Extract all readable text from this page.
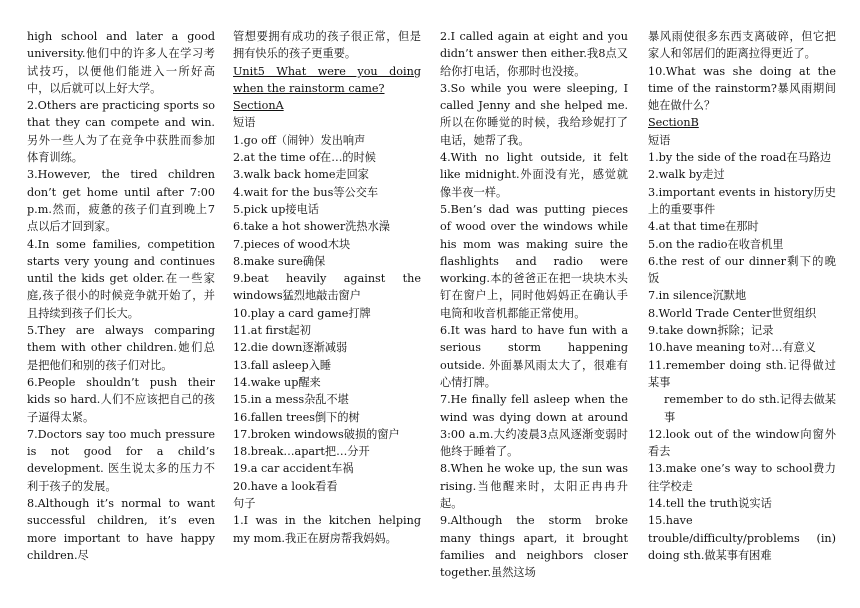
high school and later a good university.他们中的许多人在学习考试技巧，以便他们能进入一所好高中，以后就可以上好大学。

2.Others are practicing sports so that they can compete and win.另外一些人为了在竞争中获胜而参加体育训练。

3.However, the tired children don’t get home until after 7:00 p.m.然而，疲惫的孩子们直到晚上7点以后才回到家。

4.In some families, competition starts very young and continues until the kids get older.在一些家庭,孩子很小的时候竞争就开始了，并且持续到孩子们长大。

5.They are always comparing them with other children.她们总是把他们和别的孩子们对比。

6.People shouldn’t push their kids so hard.人们不应该把自己的孩子逼得太紧。

7.Doctors say too much pressure is not good for a child’s development. 医生说太多的压力不利于孩子的发展。

8.Although it’s normal to want successful children, it’s even more important to have happy children.尽

管想要拥有成功的孩子很正常，但是拥有快乐的孩子更重要。

Unit5 What were you doing when the rainstorm came?

SectionA

短语

1.go off（闹钟）发出响声

2.at the time of在…的时候

3.walk back home走回家

4.wait for the bus等公交车

5.pick up接电话

6.take a hot shower洗热水澡

7.pieces of wood木块

8.make sure确保

9.beat heavily against the windows猛烈地敲击窗户

10.play a card game打牌

11.at first起初

12.die down逐渐减弱

13.fall asleep入睡

14.wake up醒来

15.in a mess杂乱不堪

16.fallen trees倒下的树

17.broken windows破损的窗户

18.break…apart把…分开

19.a car accident车祸

20.have a look看看

句子

1.I was in the kitchen helping my mom.我正在厨房帮我妈妈。

2.I called again at eight and you didn’t answer then either.我8点又给你打电话，你那时也没接。

3.So while you were sleeping, I called Jenny and she helped me.所以在你睡觉的时候，我给珍妮打了电话，她帮了我。

4.With no light outside, it felt like midnight.外面没有光，感觉就像半夜一样。

5.Ben’s dad was putting pieces of wood over the windows while his mom was making suire the flashlights and radio were working.本的爸爸正在把一块块木头钉在窗户上，同时他妈妈正在确认手电筒和收音机都能正常使用。

6.It was hard to have fun with a serious storm happening outside. 外面暴风雨太大了，很难有心情打牌。

7.He finally fell asleep when the wind was dying down at around 3:00 a.m.大约凌晨3点风逐渐变弱时他终于睡着了。

8.When he woke up, the sun was rising.当他醒来时，太阳正冉冉升起。

9.Although the storm broke many things apart, it brought families and neighbors closer together.虽然这场

暴风雨使很多东西支离破碎，但它把家人和邻居们的距离拉得更近了。

10.What was she doing at the time of the rainstorm?暴风雨期间她在做什么？

SectionB

短语

1.by the side of the road在马路边

2.walk by走过

3.important events in history历史上的重要事件

4.at that time在那时

5.on the radio在收音机里

6.the rest of our dinner剩下的晚饭

7.in silence沉默地

8.World Trade Center世贸组织

9.take down拆除；记录

10.have meaning to对…有意义

11.remember doing sth.记得做过某事

remember to do sth.记得去做某事

12.look out of the window向窗外看去

13.make one’s way to school费力往学校走

14.tell the truth说实话

15.have trouble/difficulty/problems (in) doing sth.做某事有困难
